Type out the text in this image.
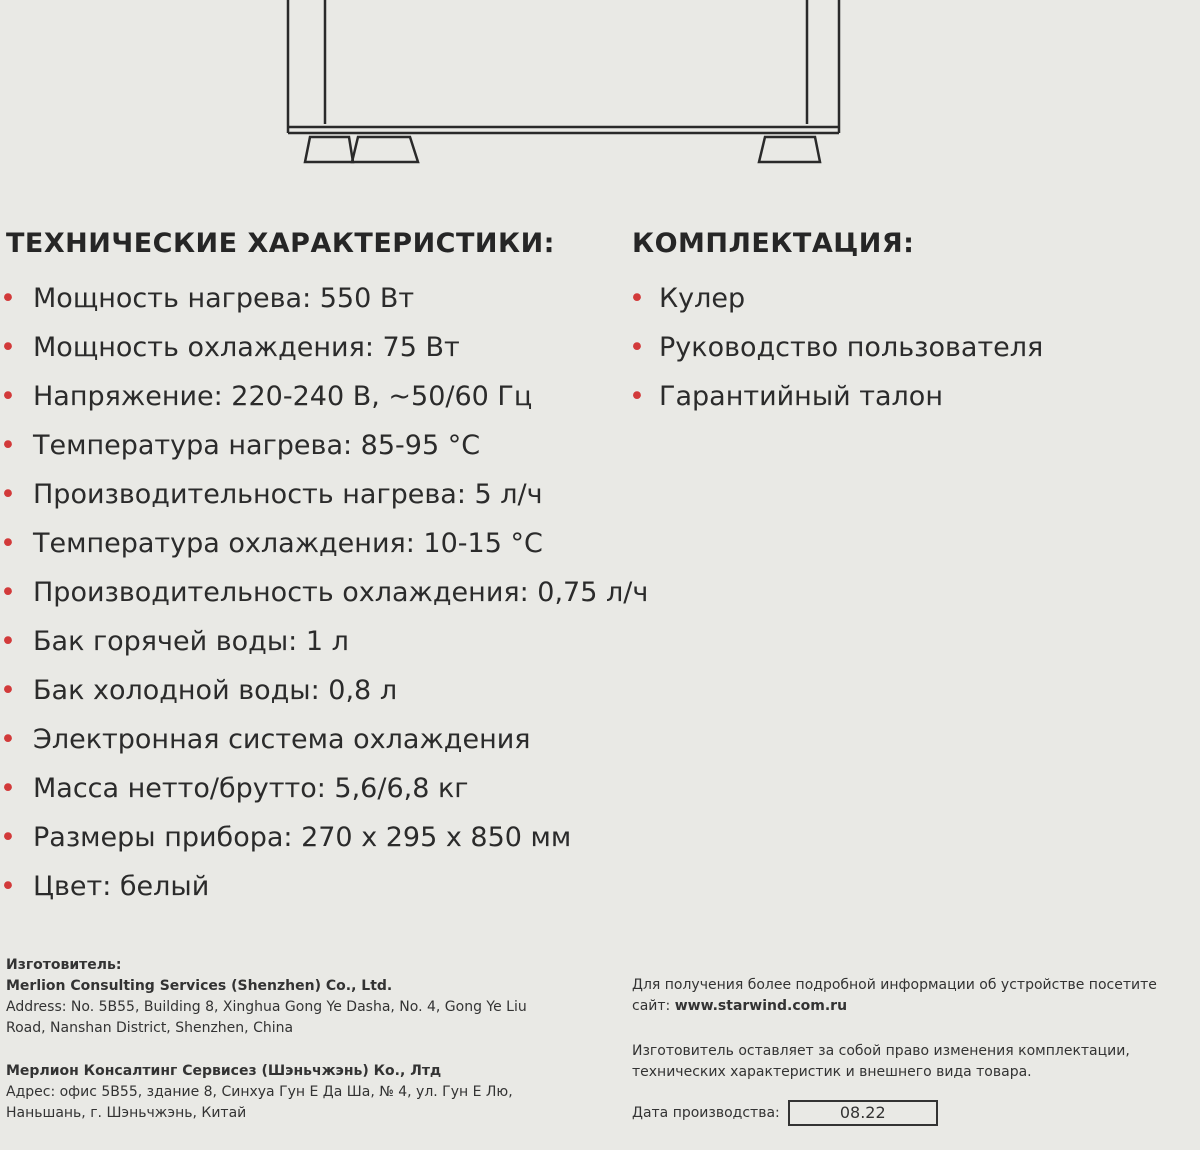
ТЕХНИЧЕСКИЕ ХАРАКТЕРИСТИКИ:
• Мощность нагрева: 550 Вт
• Мощность охлаждения: 75 Вт
• Напряжение: 220-240 В, ~50/60 Гц
• Температура нагрева: 85-95 °С
• Производительность нагрева: 5 л/ч
• Температура охлаждения: 10-15 °С
• Производительность охлаждения: 0,75 л/ч
• Бак горячей воды: 1 л
• Бак холодной воды: 0,8 л
• Электронная система охлаждения
• Масса нетто/брутто: 5,6/6,8 кг
• Размеры прибора: 270 х 295 х 850 мм
• Цвет: белый
КОМПЛЕКТАЦИЯ:
• Кулер
• Руководство пользователя
• Гарантийный талон
Изготовитель:
Merlion Consulting Services (Shenzhen) Co., Ltd.
Address: No. 5B55, Building 8, Xinghua Gong Ye Dasha, No. 4, Gong Ye Liu
Road, Nanshan District, Shenzhen, China
Мерлион Консалтинг Сервисез (Шэньчжэнь) Ко., Лтд
Адрес: офис 5B55, здание 8, Синхуа Гун Е Да Ша, № 4, ул. Гун Е Лю,
Наньшань, г. Шэньчжэнь, Китай
Для получения более подробной информации об устройстве посетите
сайт: www.starwind.com.ru
Изготовитель оставляет за собой право изменения комплектации,
технических характеристик и внешнего вида товара.
Дата производства:	08.22
